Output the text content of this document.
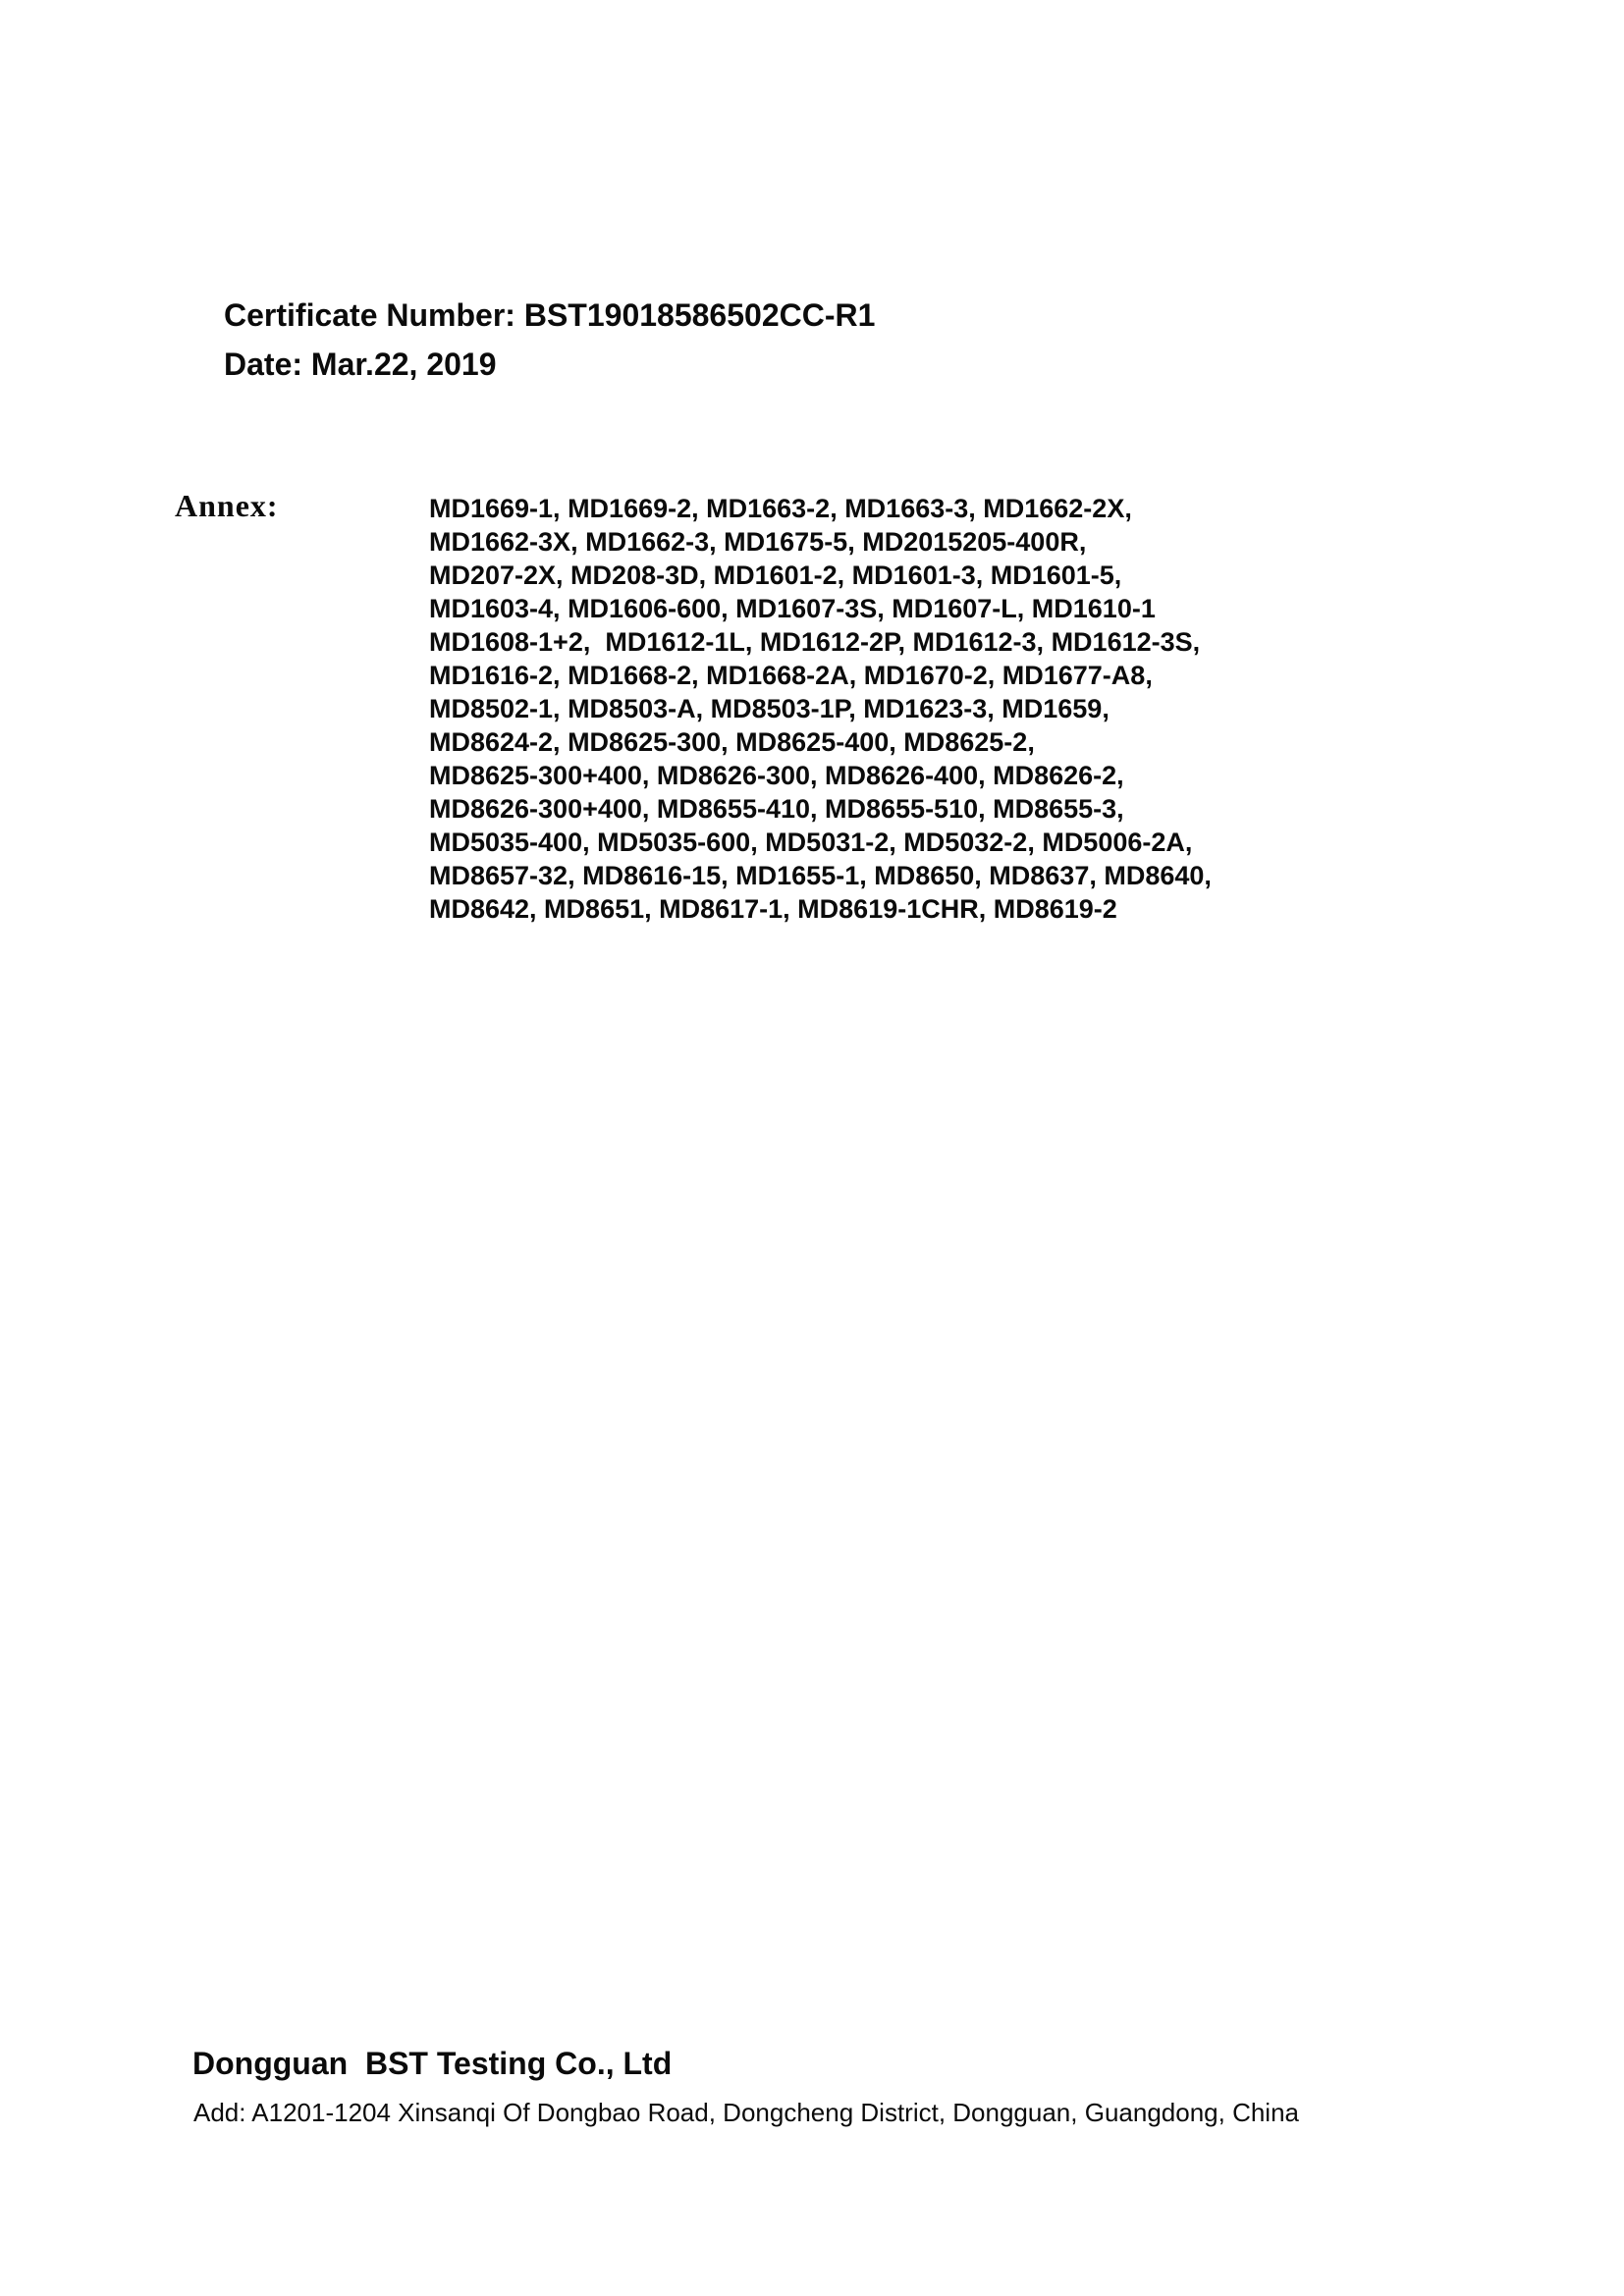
Certificate Number: BST19018586502CC-R1
Date: Mar.22, 2019
Annex:	MD1669-1, MD1669-2, MD1663-2, MD1663-3, MD1662-2X,
MD1662-3X, MD1662-3, MD1675-5, MD2015205-400R,
MD207-2X, MD208-3D, MD1601-2, MD1601-3, MD1601-5,
MD1603-4, MD1606-600, MD1607-3S, MD1607-L, MD1610-1
MD1608-1+2,  MD1612-1L, MD1612-2P, MD1612-3, MD1612-3S,
MD1616-2, MD1668-2, MD1668-2A, MD1670-2, MD1677-A8,
MD8502-1, MD8503-A, MD8503-1P, MD1623-3, MD1659,
MD8624-2, MD8625-300, MD8625-400, MD8625-2,
MD8625-300+400, MD8626-300, MD8626-400, MD8626-2,
MD8626-300+400, MD8655-410, MD8655-510, MD8655-3,
MD5035-400, MD5035-600, MD5031-2, MD5032-2, MD5006-2A,
MD8657-32, MD8616-15, MD1655-1, MD8650, MD8637, MD8640,
MD8642, MD8651, MD8617-1, MD8619-1CHR, MD8619-2
Dongguan  BST Testing Co., Ltd
Add: A1201-1204 Xinsanqi Of Dongbao Road, Dongcheng District, Dongguan, Guangdong, China
